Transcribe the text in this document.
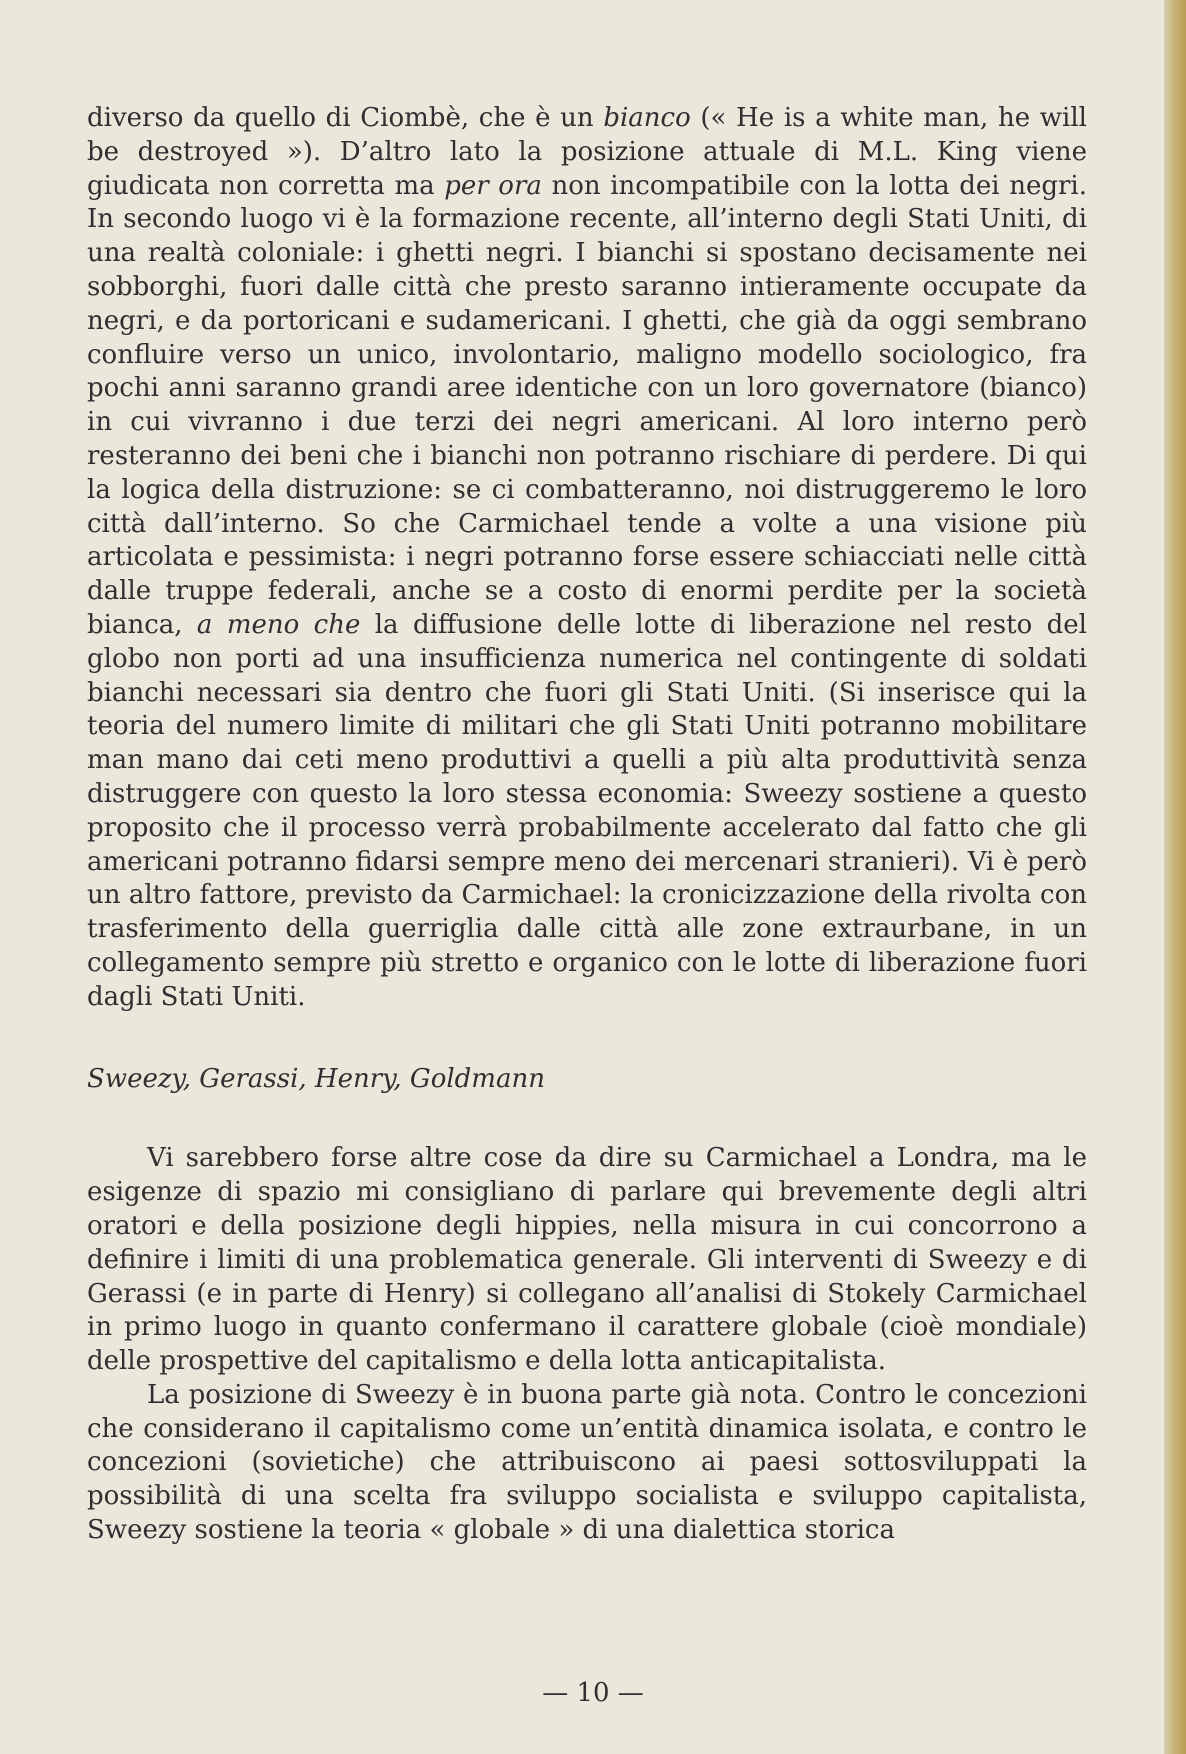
diverso da quello di Ciombè, che è un bianco (« He is a white man, he will be destroyed »). D’altro lato la posizione attuale di M.L. King viene giudicata non corretta ma per ora non incompatibile con la lotta dei negri. In secondo luogo vi è la formazione recente, all’interno degli Stati Uniti, di una realtà coloniale: i ghetti negri. I bianchi si spostano decisamente nei sobborghi, fuori dalle città che presto saranno intieramente occupate da negri, e da portoricani e sudamericani. I ghetti, che già da oggi sembrano confluire verso un unico, involontario, maligno modello sociologico, fra pochi anni saranno grandi aree identiche con un loro governatore (bianco) in cui vivranno i due terzi dei negri americani. Al loro interno però resteranno dei beni che i bianchi non potranno rischiare di perdere. Di qui la logica della distruzione: se ci combatteranno, noi distruggeremo le loro città dall’interno. So che Carmichael tende a volte a una visione più articolata e pessimista: i negri potranno forse essere schiacciati nelle città dalle truppe federali, anche se a costo di enormi perdite per la società bianca, a meno che la diffusione delle lotte di liberazione nel resto del globo non porti ad una insufficienza numerica nel contingente di soldati bianchi necessari sia dentro che fuori gli Stati Uniti. (Si inserisce qui la teoria del numero limite di militari che gli Stati Uniti potranno mobilitare man mano dai ceti meno produttivi a quelli a più alta produttività senza distruggere con questo la loro stessa economia: Sweezy sostiene a questo proposito che il processo verrà probabilmente accelerato dal fatto che gli americani potranno fidarsi sempre meno dei mercenari stranieri). Vi è però un altro fattore, previsto da Carmichael: la cronicizzazione della rivolta con trasferimento della guerriglia dalle città alle zone extraurbane, in un collegamento sempre più stretto e organico con le lotte di liberazione fuori dagli Stati Uniti.

Sweezy, Gerassi, Henry, Goldmann

Vi sarebbero forse altre cose da dire su Carmichael a Londra, ma le esigenze di spazio mi consigliano di parlare qui brevemente degli altri oratori e della posizione degli hippies, nella misura in cui concorrono a definire i limiti di una problematica generale. Gli interventi di Sweezy e di Gerassi (e in parte di Henry) si collegano all’analisi di Stokely Carmichael in primo luogo in quanto confermano il carattere globale (cioè mondiale) delle prospettive del capitalismo e della lotta anticapitalista.

La posizione di Sweezy è in buona parte già nota. Contro le concezioni che considerano il capitalismo come un’entità dinamica isolata, e contro le concezioni (sovietiche) che attribuiscono ai paesi sottosviluppati la possibilità di una scelta fra sviluppo socialista e sviluppo capitalista, Sweezy sostiene la teoria « globale » di una dialettica storica

— 10 —
